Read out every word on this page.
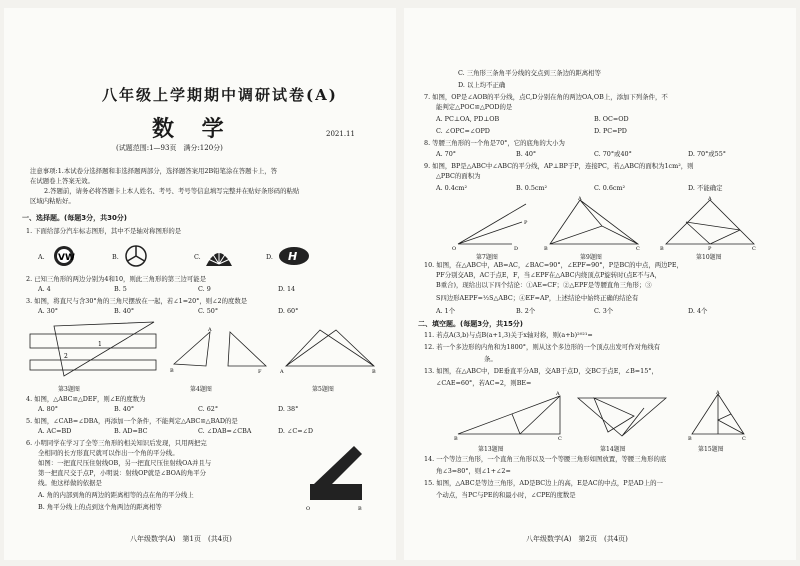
八年级上学期期中调研试卷(A)
数 学	2021.11
(试题范围:1—93页　满分:120分)
注意事项:1.本试卷分选择题和非选择题两部分，选择题答案用2B铅笔涂在答题卡上，答
在试题卷上答案无效。
2.答题前，请务必将答题卡上本人姓名、考号、考号等信息填写完整并在贴好条形码的粘贴
区域内粘贴好。
一、选择题。(每题3分，共30分)
1. 下面给部分汽车标志图形，其中不是轴对称图形的是
A. VW	B.	C.	D. H
2. 已知三角形的两边分别为4和10，则此三角形的第三边可能是
A. 4	B. 5	C. 9	D. 14
3. 如图，将直尺与含30°角的三角尺摆放在一起，若∠1=20°，则∠2的度数是
A. 30°	B. 40°	C. 50°	D. 60°
2
1
B
A
F	A	B
第3题图	第4题图	第5题图
4. 如图，△ABC≌△DEF，则∠E的度数为
A. 80°	B. 40°	C. 62°	D. 38°
5. 如图，∠CAB=∠DBA，再添加一个条件，不能判定△ABC≌△BAD的是
A. AC=BD	B. AD=BC	C. ∠DAB=∠CBA	D. ∠C=∠D
6. 小明同学在学习了全等三角形的相关知识后发现，只用两把完
全相同的长方形直尺就可以作出一个角的平分线。
如图：一把直尺压住射线OB，另一把直尺压住射线OA并且与
第一把直尺交于点P，小明说：射线OP就是∠BOA的角平分
线。他这样做的依据是
A. 角的内部到角的两边的距离相等的点在角的平分线上
B. 角平分线上的点到这个角两边的距离相等	O	B
八年级数学(A)　第1页　(共4页)
C. 三角形三条角平分线的交点到三条边的距离相等
D. 以上均不正确
7. 如图，OP是∠AOB的平分线，点C,D分别在角的两边OA,OB上，添加下列条件，不
能判定△POC≌△POD的是
A. PC⊥OA, PD⊥OB	B. OC=OD
C. ∠OPC=∠OPD	D. PC=PD
8. 等腰三角形的一个角是70°，它的底角的大小为
A. 70°	B. 40°	C. 70°或40°	D. 70°或55°
9. 如图，BP是△ABC中∠ABC的平分线，AP⊥BP于P，连接PC，若△ABC的面积为1cm²，则
△PBC的面积为
A. 0.4cm²	B. 0.5cm²	C. 0.6cm²	D. 不能确定
O	D
P
B	C
A
B	C
A
P
第7题图	第9题图	第10题图
10. 如图，在△ABC中，AB=AC，∠BAC=90°，∠EPF=90°，P是BC的中点，两边PE，
PF分别交AB，AC于点E，F，当∠EPF在△ABC内绕顶点P旋转时(点E不与A，
B重合)，现给出以下四个结论：①AE=CF；②△EPF是等腰直角三角形；③
S四边形AEPF=½S△ABC；④EF=AP，上述结论中始终正确的结论有
A. 1个	B. 2个	C. 3个	D. 4个
二、填空题。(每题3分，共15分)
11. 若点A(3,b)与点B(a+1,3)关于x轴对称，则(a+b)²⁰²¹=
12. 若一个多边形的内角和为1800°，则从这个多边形的一个顶点出发可作对角线有
条。
13. 如图，在△ABC中，DE垂直平分AB，交AB于点D，交BC于点E，∠B=15°，
∠CAE=60°，若AC=2，则BE=
B	C
A
B	C
A
第13题图	第14题图	第15题图
14. 一个等边三角形，一个直角三角形以及一个等腰三角形如图放置，等腰三角形的底
角∠3=80°，则∠1+∠2=
15. 如图，△ABC是等边三角形，AD是BC边上的高，E是AC的中点，P是AD上的一
个动点，当PC与PE的和最小时，∠CPE的度数是
八年级数学(A)　第2页　(共4页)
